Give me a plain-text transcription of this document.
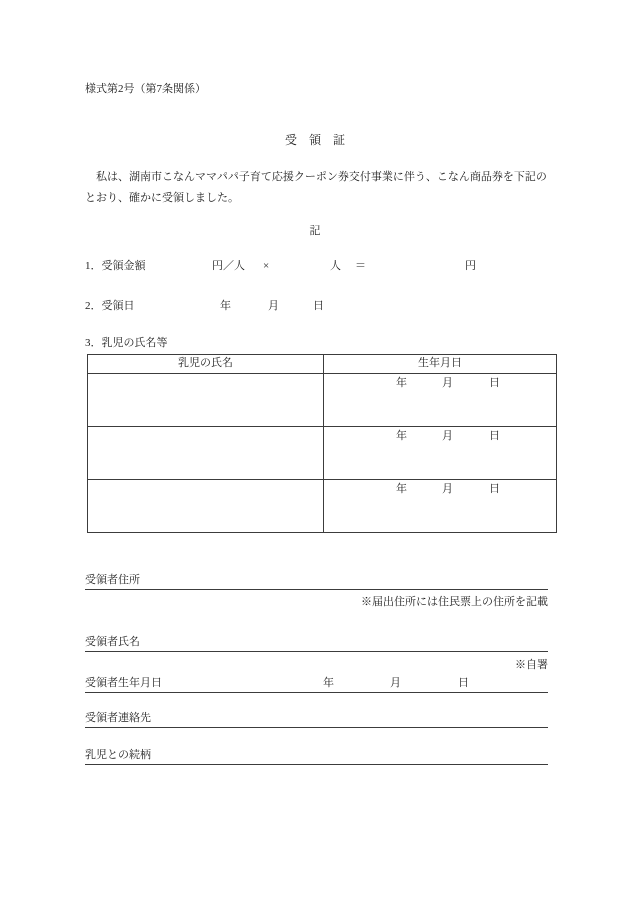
様式第2号（第7条関係）
受　領　証
　私は、湖南市こなんママパパ子育て応援クーポン券交付事業に伴う、こなん商品券を下記の
とおり、確かに受領しました。
記
1．受領金額	円／人 ×	人 ＝	円
2．受領日	年	月	日
3．乳児の氏名等
乳児の氏名	生年月日

	年 月 日

	年 月 日

	年 月 日
受領者住所
※届出住所には住民票上の住所を記載
受領者氏名
※自署
受領者生年月日	年	月	日
受領者連絡先
乳児との続柄
